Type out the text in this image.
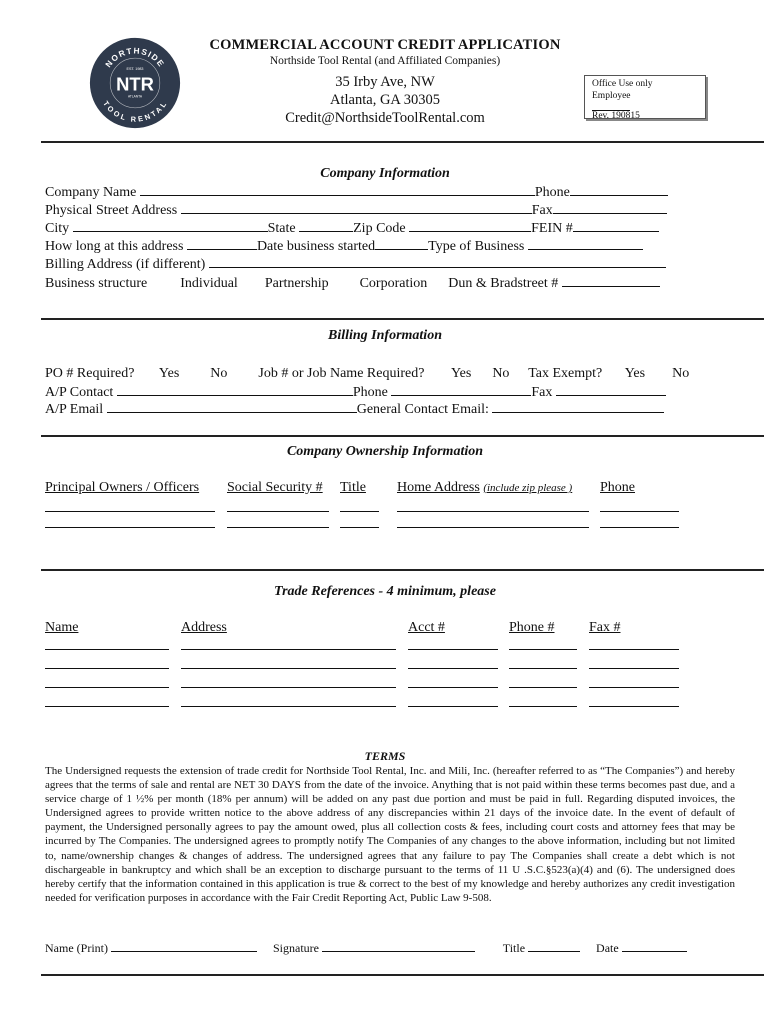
NORTHSIDE
TOOL RENTAL
EST. 1983
NTR
ATLANTA
COMMERCIAL ACCOUNT CREDIT APPLICATION
Northside Tool Rental (and Affiliated Companies)
35 Irby Ave, NW
Atlanta, GA 30305
Credit@NorthsideToolRental.com
Office Use only
Employee
Rev. 190815
Company Information
Company Name	Phone
Physical Street Address	Fax
City	State	Zip Code	FEIN #
How long at this address	Date business started	Type of Business
Billing Address (if different)
Business structure Individual Partnership Corporation Dun & Bradstreet #
Billing Information
PO # Required? Yes No Job # or Job Name Required? Yes No Tax Exempt? Yes No
A/P Contact	Phone	Fax
A/P Email	General Contact Email:
Company Ownership Information
Principal Owners / Officers	Social Security #	Title	Home Address (include zip please )	Phone
Trade References - 4 minimum, please
Name	Address	Acct #	Phone #	Fax #
TERMS
The Undersigned requests the extension of trade credit for Northside Tool Rental, Inc. and Mili, Inc. (hereafter referred to as “The Companies”) and hereby agrees that the terms of sale and rental are NET 30 DAYS from the date of the invoice. Anything that is not paid within these terms becomes past due, and a service charge of 1 ½% per month (18% per annum) will be added on any past due portion and must be paid in full. Regarding disputed invoices, the Undersigned agrees to provide written notice to the above address of any discrepancies within 21 days of the invoice date. In the event of default of payment, the Undersigned personally agrees to pay the amount owed, plus all collection costs & fees, including court costs and attorney fees that may be incurred by The Companies. The undersigned agrees to promptly notify The Companies of any changes to the above information, including but not limited to, name/ownership changes & changes of address. The undersigned agrees that any failure to pay The Companies shall create a debt which is not dischargeable in bankruptcy and which shall be an exception to discharge pursuant to the terms of 11 U .S.C.§523(a)(4) and (6). The undersigned does hereby certify that the information contained in this application is true & correct to the best of my knowledge and hereby authorizes any credit investigation needed for verification purposes in accordance with the Fair Credit Reporting Act, Public Law 9-508.
Name (Print)	Signature	Title	Date
